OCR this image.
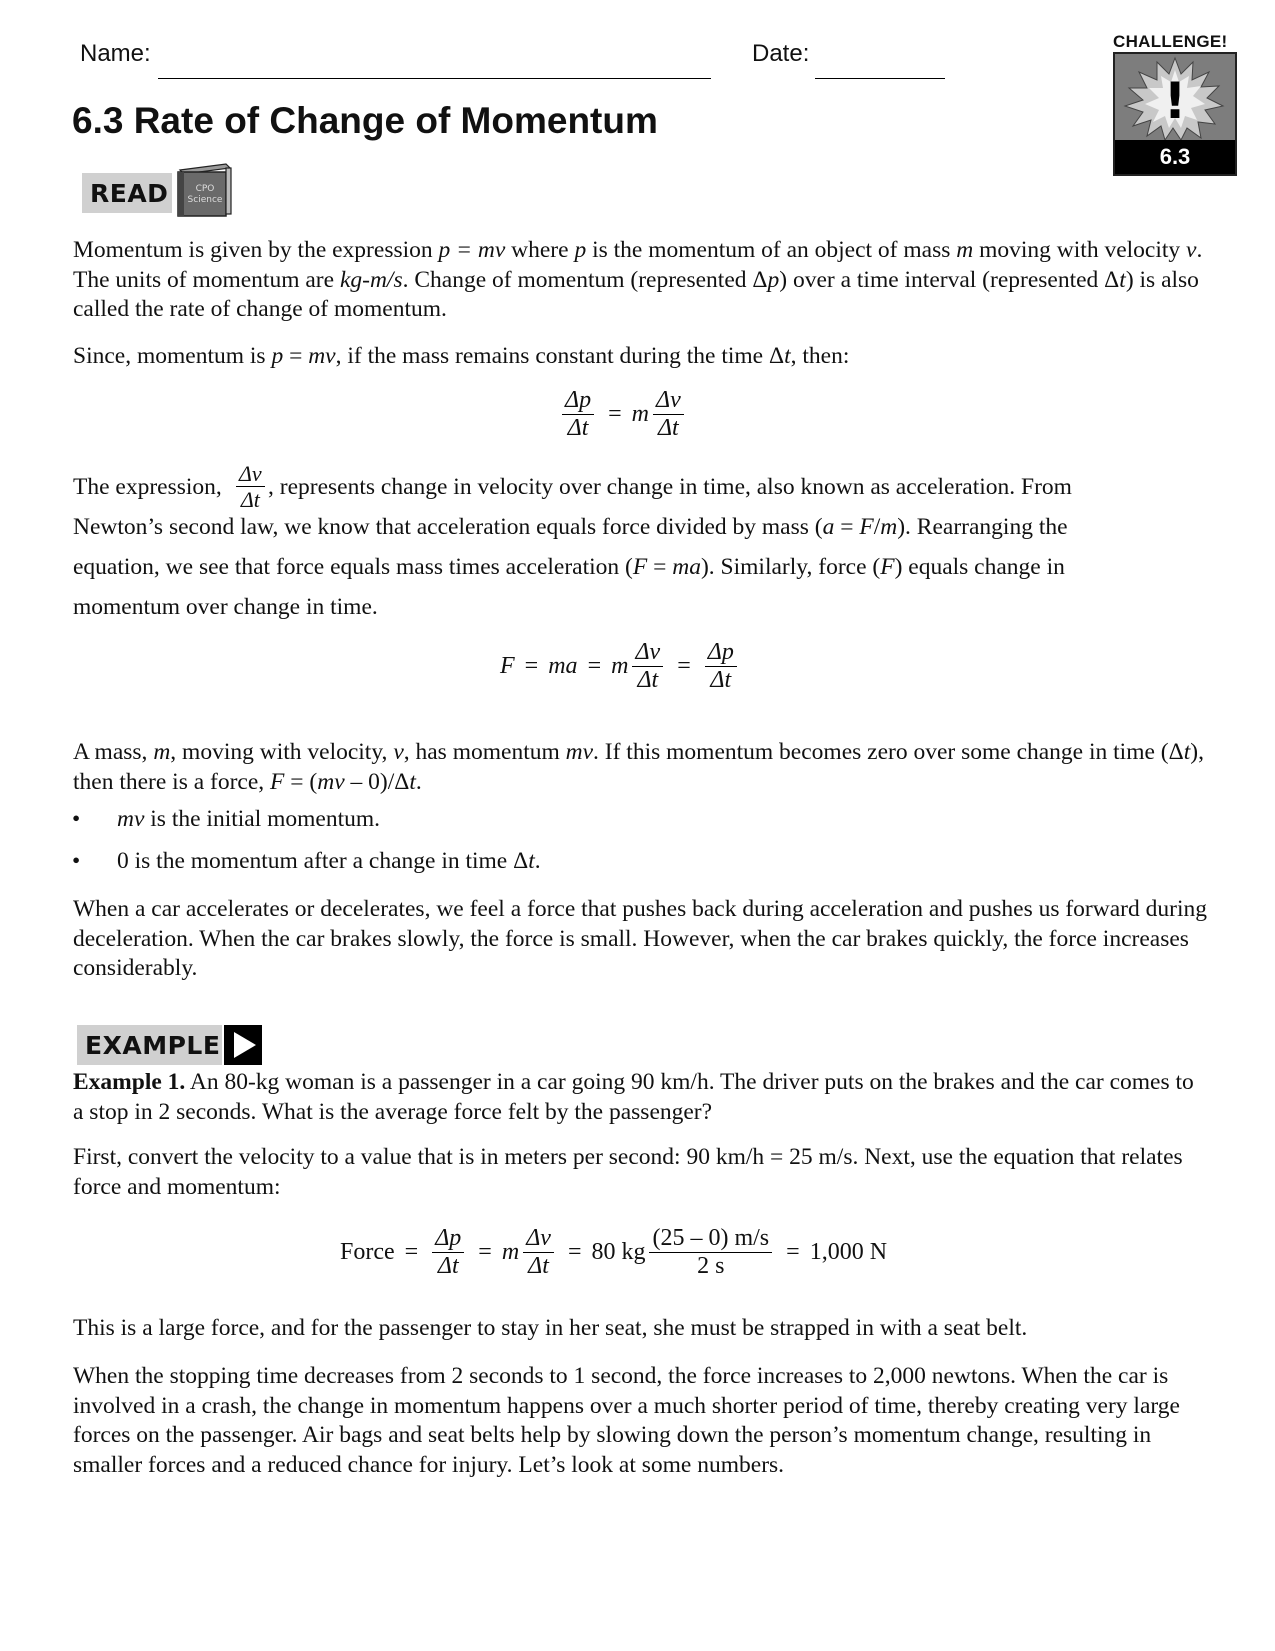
Name:	Date:
6.3 Rate of Change of Momentum
CHALLENGE!
!
6.3
READ	CPO
Science

Momentum is given by the expression p = mv where p is the momentum of an object of mass m moving with velocity v. The units of momentum are kg-m/s. Change of momentum (represented Δp) over a time interval (represented Δt) is also called the rate of change of momentum.

Since, momentum is p = mv, if the mass remains constant during the time Δt, then:

$\frac{\Delta p}{\Delta t} = m \frac{\Delta v}{\Delta t}$
The expression, $\frac{\Delta v}{\Delta t}$ , represents change in velocity over change in time, also known as acceleration. From
Newton’s second law, we know that acceleration equals force divided by mass (a = F/m). Rearranging the
equation, we see that force equals mass times acceleration (F = ma). Similarly, force (F) equals change in
momentum over change in time.
F = ma = m $\frac{\Delta v}{\Delta t} = \frac{\Delta p}{\Delta t}$

A mass, m, moving with velocity, v, has momentum mv. If this momentum becomes zero over some change in time (Δt), then there is a force, F = (mv – 0)/Δt.

• mv is the initial momentum.
• 0 is the momentum after a change in time Δt.

When a car accelerates or decelerates, we feel a force that pushes back during acceleration and pushes us forward during deceleration. When the car brakes slowly, the force is small. However, when the car brakes quickly, the force increases considerably.

EXAMPLE

Example 1. An 80-kg woman is a passenger in a car going 90 km/h. The driver puts on the brakes and the car comes to a stop in 2 seconds. What is the average force felt by the passenger?

First, convert the velocity to a value that is in meters per second: 90 km/h = 25 m/s. Next, use the equation that relates force and momentum:

Force = $\frac{\Delta p}{\Delta t} = m \frac{\Delta v}{\Delta t} = 80$ kg $\frac{(25 - 0) m/s}{2 s} = 1,000$ N

This is a large force, and for the passenger to stay in her seat, she must be strapped in with a seat belt.

When the stopping time decreases from 2 seconds to 1 second, the force increases to 2,000 newtons. When the car is involved in a crash, the change in momentum happens over a much shorter period of time, thereby creating very large forces on the passenger. Air bags and seat belts help by slowing down the person’s momentum change, resulting in smaller forces and a reduced chance for injury. Let’s look at some numbers.
